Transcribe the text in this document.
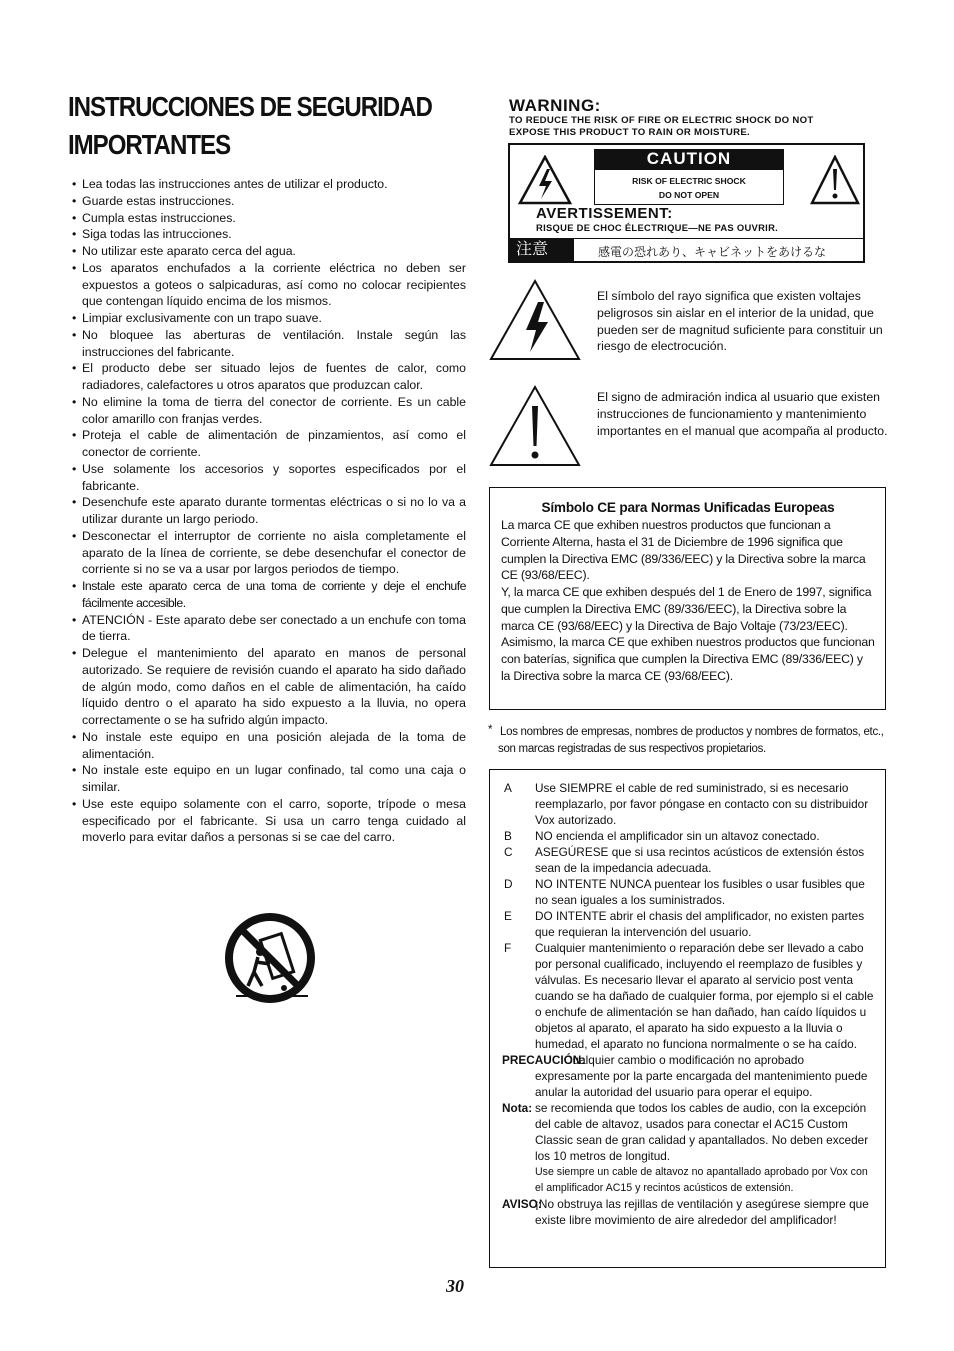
INSTRUCCIONES DE SEGURIDAD
IMPORTANTES
• Lea todas las instrucciones antes de utilizar el producto.
• Guarde estas instrucciones.
• Cumpla estas instrucciones.
• Siga todas las intrucciones.
• No utilizar este aparato cerca del agua.
• Los aparatos enchufados a la corriente eléctrica no deben ser expuestos a goteos o salpicaduras, así como no colocar recipientes que contengan líquido encima de los mismos.
• Limpiar exclusivamente con un trapo suave.
• No bloquee las aberturas de ventilación. Instale según las instrucciones del fabricante.
• El producto debe ser situado lejos de fuentes de calor, como radiadores, calefactores u otros aparatos que produzcan calor.
• No elimine la toma de tierra del conector de corriente. Es un cable color amarillo con franjas verdes.
• Proteja el cable de alimentación de pinzamientos, así como el conector de corriente.
• Use solamente los accesorios y soportes especificados por el fabricante.
• Desenchufe este aparato durante tormentas eléctricas o si no lo va a utilizar durante un largo periodo.
• Desconectar el interruptor de corriente no aisla completamente el aparato de la línea de corriente, se debe desenchufar el conector de corriente si no se va a usar por largos periodos de tiempo.
• Instale este aparato cerca de una toma de corriente y deje el enchufe fácilmente accesible.
• ATENCIÓN - Este aparato debe ser conectado a un enchufe con toma de tierra.
• Delegue el mantenimiento del aparato en manos de personal autorizado. Se requiere de revisión cuando el aparato ha sido dañado de algún modo, como daños en el cable de alimentación, ha caído líquido dentro o el aparato ha sido expuesto a la lluvia, no opera correctamente o se ha sufrido algún impacto.
• No instale este equipo en una posición alejada de la toma de alimentación.
• No instale este equipo en un lugar confinado, tal como una caja o similar.
• Use este equipo solamente con el carro, soporte, trípode o mesa especificado por el fabricante. Si usa un carro tenga cuidado al moverlo para evitar daños a personas si se cae del carro.
WARNING:
TO REDUCE THE RISK OF FIRE OR ELECTRIC SHOCK DO NOT
EXPOSE THIS PRODUCT TO RAIN OR MOISTURE.
CAUTION
RISK OF ELECTRIC SHOCK
DO NOT OPEN
AVERTISSEMENT:
RISQUE DE CHOC ÉLECTRIQUE—NE PAS OUVRIR.
注意	感電の恐れあり、キャビネットをあけるな
El símbolo del rayo significa que existen voltajes peligrosos sin aislar en el interior de la unidad, que pueden ser de magnitud suficiente para constituir un riesgo de electrocución.
El signo de admiración indica al usuario que existen instrucciones de funcionamiento y mantenimiento importantes en el manual que acompaña al producto.
Símbolo CE para Normas Unificadas Europeas
La marca CE que exhiben nuestros productos que funcionan a Corriente Alterna, hasta el 31 de Diciembre de 1996 significa que cumplen la Directiva EMC (89/336/EEC) y la Directiva sobre la marca CE (93/68/EEC).
Y, la marca CE que exhiben después del 1 de Enero de 1997, significa que cumplen la Directiva EMC (89/336/EEC), la Directiva sobre la marca CE (93/68/EEC) y la Directiva de Bajo Voltaje (73/23/EEC).
Asimismo, la marca CE que exhiben nuestros productos que funcionan con baterías, significa que cumplen la Directiva EMC (89/336/EEC) y la Directiva sobre la marca CE (93/68/EEC).
* Los nombres de empresas, nombres de productos y nombres de formatos, etc., son marcas registradas de sus respectivos propietarios.
A Use SIEMPRE el cable de red suministrado, si es necesario reemplazarlo, por favor póngase en contacto con su distribuidor Vox autorizado.
B NO encienda el amplificador sin un altavoz conectado.
C ASEGÚRESE que si usa recintos acústicos de extensión éstos sean de la impedancia adecuada.
D NO INTENTE NUNCA puentear los fusibles o usar fusibles que no sean iguales a los suministrados.
E DO INTENTE abrir el chasis del amplificador, no existen partes que requieran la intervención del usuario.
F Cualquier mantenimiento o reparación debe ser llevado a cabo por personal cualificado, incluyendo el reemplazo de fusibles y válvulas. Es necesario llevar el aparato al servicio post venta cuando se ha dañado de cualquier forma, por ejemplo si el cable o enchufe de alimentación se han dañado, han caído líquidos u objetos al aparato, el aparato ha sido expuesto a la lluvia o humedad, el aparato no funciona normalmente o se ha caído.
PRECAUCIÓN:
Cualquier cambio o modificación no aprobado expresamente por la parte encargada del mantenimiento puede anular la autoridad del usuario para operar el equipo.
Nota: se recomienda que todos los cables de audio, con la excepción del cable de altavoz, usados para conectar el AC15 Custom Classic sean de gran calidad y apantallados. No deben exceder los 10 metros de longitud.
Use siempre un cable de altavoz no apantallado aprobado por Vox con el amplificador AC15 y recintos acústicos de extensión.
AVISO:
¡No obstruya las rejillas de ventilación y asegúrese siempre que existe libre movimiento de aire alrededor del amplificador!
30
